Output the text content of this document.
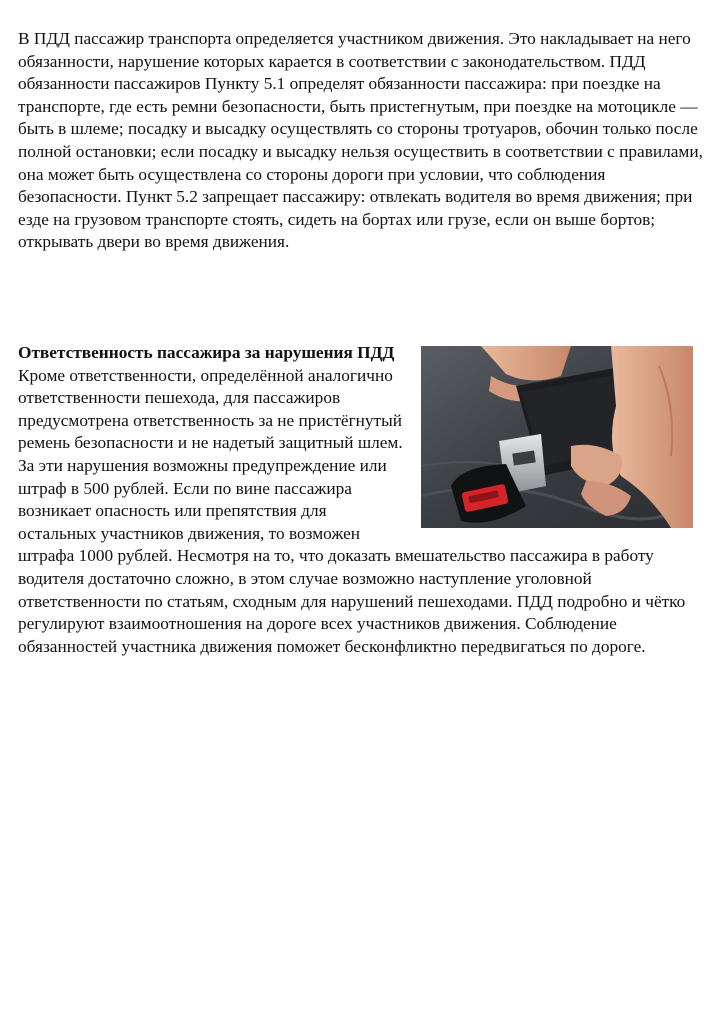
В ПДД пассажир транспорта определяется участником движения. Это накладывает на него обязанности, нарушение которых карается в соответствии с законодательством. ПДД обязанности пассажиров Пункту 5.1 определят обязанности пассажира: при поездке на транспорте, где есть ремни безопасности, быть пристегнутым, при поездке на мотоцикле — быть в шлеме; посадку и высадку осуществлять со стороны тротуаров, обочин только после полной остановки; если посадку и высадку нельзя осуществить в соответствии с правилами, она может быть осуществлена со стороны дороги при условии, что соблюдения безопасности. Пункт 5.2 запрещает пассажиру: отвлекать водителя во время движения; при езде на грузовом транспорте стоять, сидеть на бортах или грузе, если он выше бортов; открывать двери во время движения.

Ответственность пассажира за нарушения ПДД

Кроме ответственности, определённой аналогично ответственности пешехода, для пассажиров предусмотрена ответственность за не пристёгнутый ремень безопасности и не надетый защитный шлем. За эти нарушения возможны предупреждение или штраф в 500 рублей. Если по вине пассажира возникает опасность или препятствия для остальных участников движения, то возможен штрафа 1000 рублей. Несмотря на то, что доказать вмешательство пассажира в работу водителя достаточно сложно, в этом случае возможно наступление уголовной ответственности по статьям, сходным для нарушений пешеходами. ПДД подробно и чётко регулируют взаимоотношения на дороге всех участников движения. Соблюдение обязанностей участника движения поможет бесконфликтно передвигаться по дороге.
